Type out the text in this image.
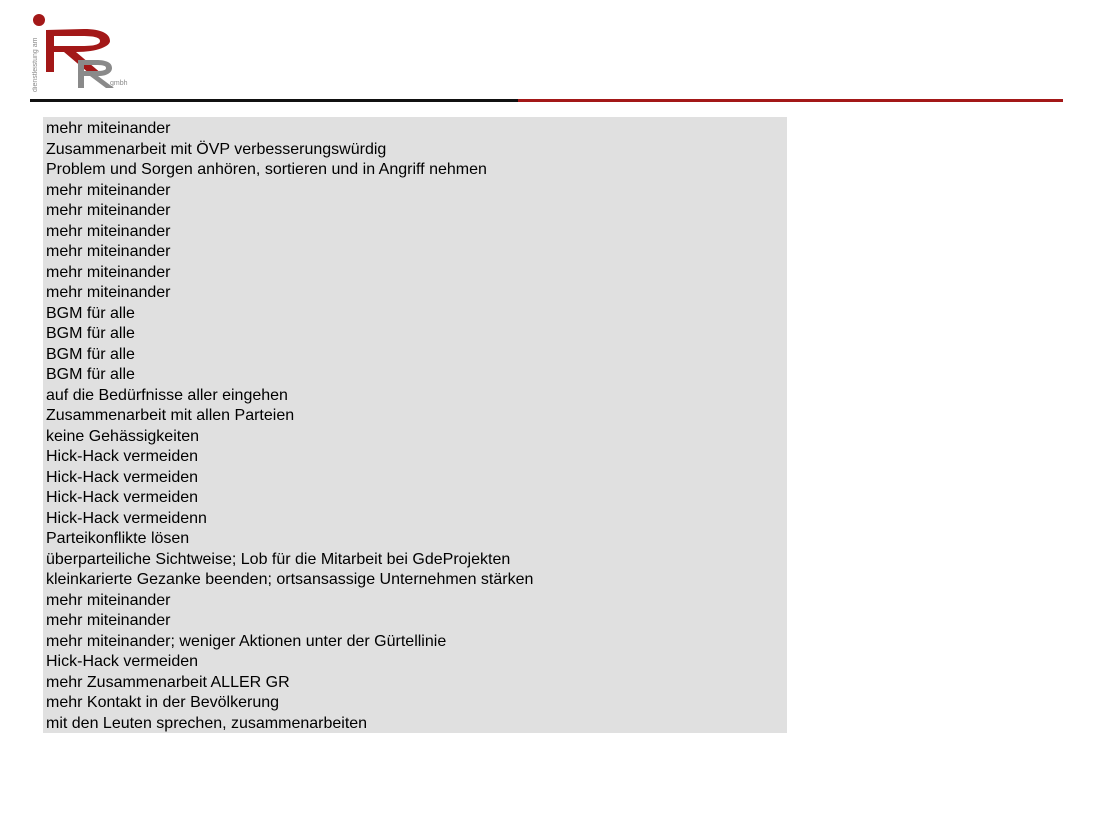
dienstleistung am	gmbh
mehr miteinander
Zusammenarbeit mit ÖVP verbesserungswürdig
Problem und Sorgen anhören, sortieren und in Angriff nehmen
mehr miteinander
mehr miteinander
mehr miteinander
mehr miteinander
mehr miteinander
mehr miteinander
BGM für alle
BGM für alle
BGM für alle
BGM für alle
auf die Bedürfnisse aller eingehen
Zusammenarbeit mit allen Parteien
keine Gehässigkeiten
Hick-Hack vermeiden
Hick-Hack vermeiden
Hick-Hack vermeiden
Hick-Hack vermeidenn
Parteikonflikte lösen
überparteiliche Sichtweise; Lob für die Mitarbeit bei GdeProjekten
kleinkarierte Gezanke beenden; ortsansassige Unternehmen stärken
mehr miteinander
mehr miteinander
mehr miteinander; weniger Aktionen unter der Gürtellinie
Hick-Hack vermeiden
mehr Zusammenarbeit ALLER GR
mehr Kontakt in der Bevölkerung
mit den Leuten sprechen, zusammenarbeiten
